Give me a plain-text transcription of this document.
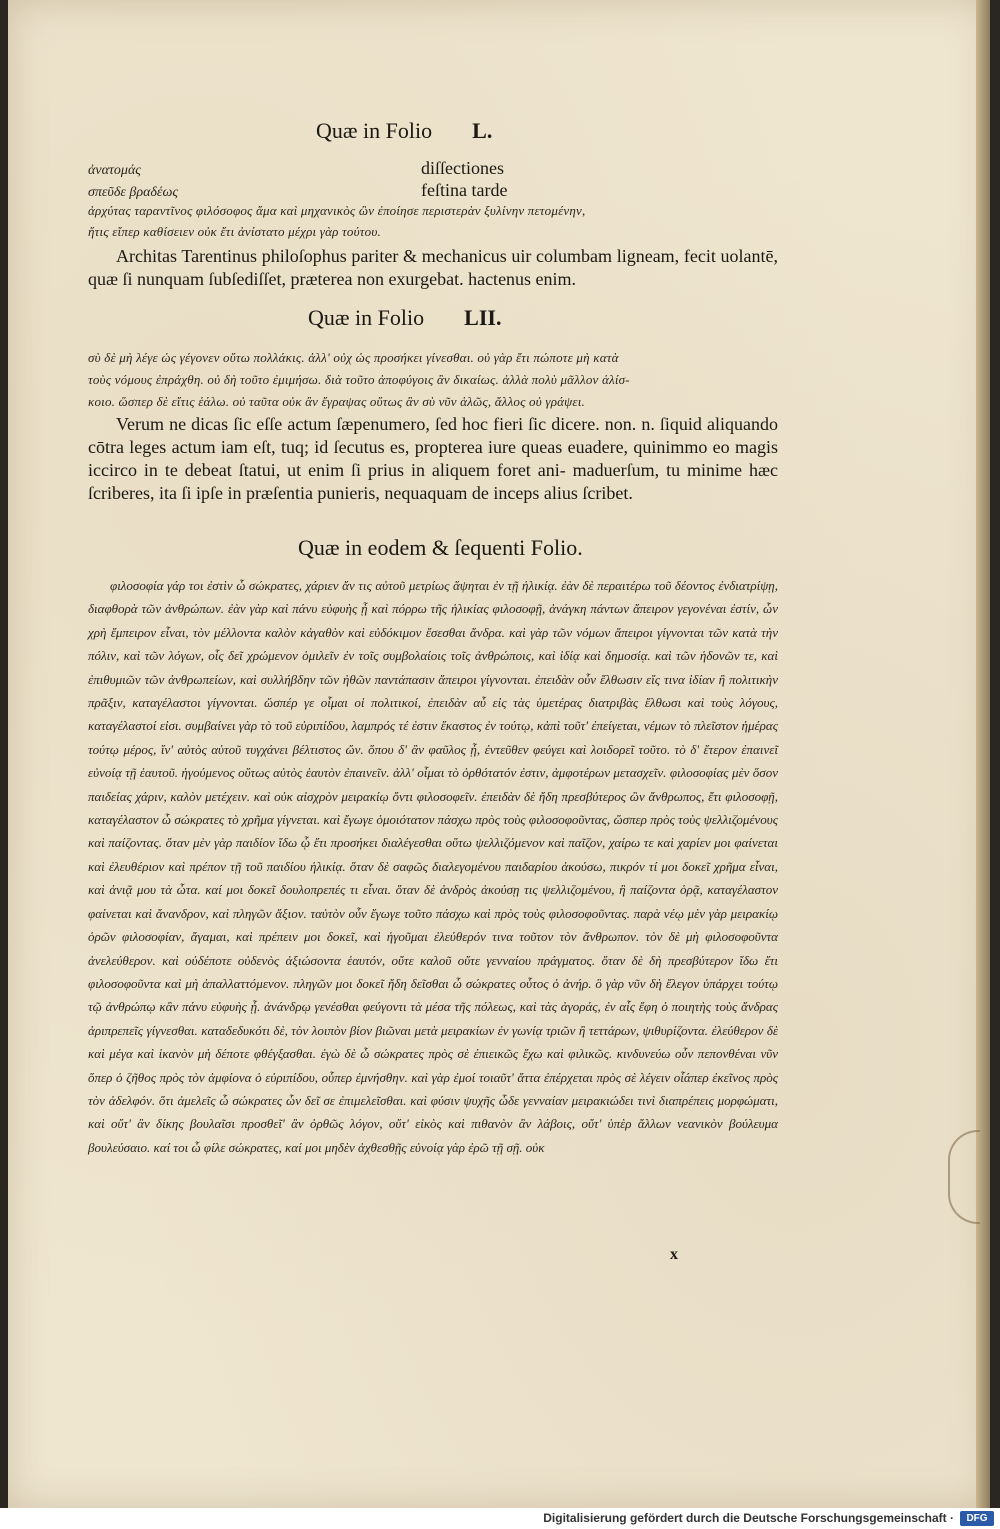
Quæ in Folio L.
ἀνατομάς	diſſectiones
σπεῦδε βραδέως	feſtina tarde
ἀρχύτας ταραντῖνος φιλόσοφος ἅμα καὶ μηχανικὸς ὢν ἐποίησε περιστερὰν ξυλίνην πετομένην,
ἥτις εἴπερ καθίσειεν οὐκ ἔτι ἀνίστατο μέχρι γὰρ τούτου.

Architas Tarentinus philoſophus pariter & mechanicus uir columbam ligneam, fecit uolantē, quæ ſi nunquam ſubſediſſet, præterea non exurgebat. hactenus enim.

Quæ in Folio LII.
σὺ δὲ μὴ λέγε ὡς γέγονεν οὕτω πολλάκις. ἀλλ' οὐχ ὡς προσήκει γίνεσθαι. οὐ γὰρ ἔτι πώποτε μὴ κατὰ
τοὺς νόμους ἐπράχθη. οὐ δὴ τοῦτο ἐμιμήσω. διὰ τοῦτο ἀποφύγοις ἂν δικαίως. ἀλλὰ πολὺ μᾶλλον ἁλίσ-
κοιο. ὥσπερ δὲ εἴτις ἑάλω. οὐ ταῦτα οὐκ ἂν ἔγραψας οὕτως ἂν σὺ νῦν ἁλῶς, ἄλλος οὐ γράψει.

Verum ne dicas ſic eſſe actum ſæpenumero, ſed hoc fieri ſic dicere. non. n. ſiquid aliquando cōtra leges actum iam eſt, tuq; id ſecutus es, propterea iure queas euadere, quinimmo eo magis iccirco in te debeat ſtatui, ut enim ſi prius in aliquem foret ani- maduerſum, tu minime hæc ſcriberes, ita ſi ipſe in præſentia punieris, nequaquam de inceps alius ſcribet.

Quæ in eodem & ſequenti Folio.

φιλοσοφία γάρ τοι ἐστὶν ὦ σώκρατες, χάριεν ἄν τις αὐτοῦ μετρίως ἅψηται ἐν τῇ ἡλικίᾳ. ἐὰν δὲ περαιτέρω τοῦ δέοντος ἐνδιατρίψῃ, διαφθορὰ τῶν ἀνθρώπων. ἐὰν γὰρ καὶ πάνυ εὐφυὴς ᾖ καὶ πόρρω τῆς ἡλικίας φιλοσοφῇ, ἀνάγκη πάντων ἄπειρον γεγονέναι ἐστίν, ὧν χρὴ ἔμπειρον εἶναι, τὸν μέλλοντα καλὸν κἀγαθὸν καὶ εὐδόκιμον ἔσεσθαι ἄνδρα. καὶ γὰρ τῶν νόμων ἄπειροι γίγνονται τῶν κατὰ τὴν πόλιν, καὶ τῶν λόγων, οἷς δεῖ χρώμενον ὁμιλεῖν ἐν τοῖς συμβολαίοις τοῖς ἀνθρώποις, καὶ ἰδίᾳ καὶ δημοσίᾳ. καὶ τῶν ἡδονῶν τε, καὶ ἐπιθυμιῶν τῶν ἀνθρωπείων, καὶ συλλήβδην τῶν ἠθῶν παντάπασιν ἄπειροι γίγνονται. ἐπειδὰν οὖν ἔλθωσιν εἴς τινα ἰδίαν ἢ πολιτικὴν πρᾶξιν, καταγέλαστοι γίγνονται. ὥσπέρ γε οἶμαι οἱ πολιτικοί, ἐπειδὰν αὖ εἰς τὰς ὑμετέρας διατριβὰς ἔλθωσι καὶ τοὺς λόγους, καταγέλαστοί εἰσι. συμβαίνει γὰρ τὸ τοῦ εὐριπίδου, λαμπρός τέ ἐστιν ἕκαστος ἐν τούτῳ, κἀπὶ τοῦτ' ἐπείγεται, νέμων τὸ πλεῖστον ἡμέρας τούτῳ μέρος, ἵν' αὐτὸς αὑτοῦ τυγχάνει βέλτιστος ὤν. ὅπου δ' ἂν φαῦλος ᾖ, ἐντεῦθεν φεύγει καὶ λοιδορεῖ τοῦτο. τὸ δ' ἕτερον ἐπαινεῖ εὐνοίᾳ τῇ ἑαυτοῦ. ἡγούμενος οὕτως αὐτὸς ἑαυτὸν ἐπαινεῖν. ἀλλ' οἶμαι τὸ ὀρθότατόν ἐστιν, ἀμφοτέρων μετασχεῖν. φιλοσοφίας μὲν ὅσον παιδείας χάριν, καλὸν μετέχειν. καὶ οὐκ αἰσχρὸν μειρακίῳ ὄντι φιλοσοφεῖν. ἐπειδὰν δὲ ἤδη πρεσβύτερος ὢν ἄνθρωπος, ἔτι φιλοσοφῇ, καταγέλαστον ὦ σώκρατες τὸ χρῆμα γίγνεται. καὶ ἔγωγε ὁμοιότατον πάσχω πρὸς τοὺς φιλοσοφοῦντας, ὥσπερ πρὸς τοὺς ψελλιζομένους καὶ παίζοντας. ὅταν μὲν γὰρ παιδίον ἴδω ᾧ ἔτι προσήκει διαλέγεσθαι οὕτω ψελλιζόμενον καὶ παῖζον, χαίρω τε καὶ χαρίεν μοι φαίνεται καὶ ἐλευθέριον καὶ πρέπον τῇ τοῦ παιδίου ἡλικίᾳ. ὅταν δὲ σαφῶς διαλεγομένου παιδαρίου ἀκούσω, πικρόν τί μοι δοκεῖ χρῆμα εἶναι, καὶ ἀνιᾷ μου τὰ ὦτα. καί μοι δοκεῖ δουλοπρεπές τι εἶναι. ὅταν δὲ ἀνδρὸς ἀκούσῃ τις ψελλιζομένου, ἢ παίζοντα ὁρᾷ, καταγέλαστον φαίνεται καὶ ἄνανδρον, καὶ πληγῶν ἄξιον. ταὐτὸν οὖν ἔγωγε τοῦτο πάσχω καὶ πρὸς τοὺς φιλοσοφοῦντας. παρὰ νέῳ μὲν γὰρ μειρακίῳ ὁρῶν φιλοσοφίαν, ἄγαμαι, καὶ πρέπειν μοι δοκεῖ, καὶ ἡγοῦμαι ἐλεύθερόν τινα τοῦτον τὸν ἄνθρωπον. τὸν δὲ μὴ φιλοσοφοῦντα ἀνελεύθερον. καὶ οὐδέποτε οὐδενὸς ἀξιώσοντα ἑαυτόν, οὔτε καλοῦ οὔτε γενναίου πράγματος. ὅταν δὲ δὴ πρεσβύτερον ἴδω ἔτι φιλοσοφοῦντα καὶ μὴ ἀπαλλαττόμενον. πληγῶν μοι δοκεῖ ἤδη δεῖσθαι ὦ σώκρατες οὗτος ὁ ἀνήρ. ὃ γὰρ νῦν δὴ ἔλεγον ὑπάρχει τούτῳ τῷ ἀνθρώπῳ κἂν πάνυ εὐφυὴς ᾖ. ἀνάνδρῳ γενέσθαι φεύγοντι τὰ μέσα τῆς πόλεως, καὶ τὰς ἀγοράς, ἐν αἷς ἔφη ὁ ποιητὴς τοὺς ἄνδρας ἀριπρεπεῖς γίγνεσθαι. καταδεδυκότι δὲ, τὸν λοιπὸν βίον βιῶναι μετὰ μειρακίων ἐν γωνίᾳ τριῶν ἢ τεττάρων, ψιθυρίζοντα. ἐλεύθερον δὲ καὶ μέγα καὶ ἱκανὸν μὴ δέποτε φθέγξασθαι. ἐγὼ δὲ ὦ σώκρατες πρὸς σὲ ἐπιεικῶς ἔχω καὶ φιλικῶς. κινδυνεύω οὖν πεπονθέναι νῦν ὅπερ ὁ ζῆθος πρὸς τὸν ἀμφίονα ὁ εὐριπίδου, οὗπερ ἐμνήσθην. καὶ γὰρ ἐμοί τοιαῦτ' ἄττα ἐπέρχεται πρὸς σὲ λέγειν οἷάπερ ἐκεῖνος πρὸς τὸν ἀδελφόν. ὅτι ἀμελεῖς ὦ σώκρατες ὧν δεῖ σε ἐπιμελεῖσθαι. καὶ φύσιν ψυχῆς ὧδε γενναίαν μειρακιώδει τινὶ διαπρέπεις μορφώματι, καὶ οὔτ' ἂν δίκης βουλαῖσι προσθεῖ' ἂν ὀρθῶς λόγον, οὔτ' εἰκὸς καὶ πιθανὸν ἂν λάβοις, οὔτ' ὑπὲρ ἄλλων νεανικὸν βούλευμα βουλεύσαιο. καί τοι ὦ φίλε σώκρατες, καί μοι μηδὲν ἀχθεσθῇς εὐνοίᾳ γὰρ ἐρῶ τῇ σῇ. οὐκ

x
Digitalisierung gefördert durch die Deutsche Forschungsgemeinschaft ·	DFG
